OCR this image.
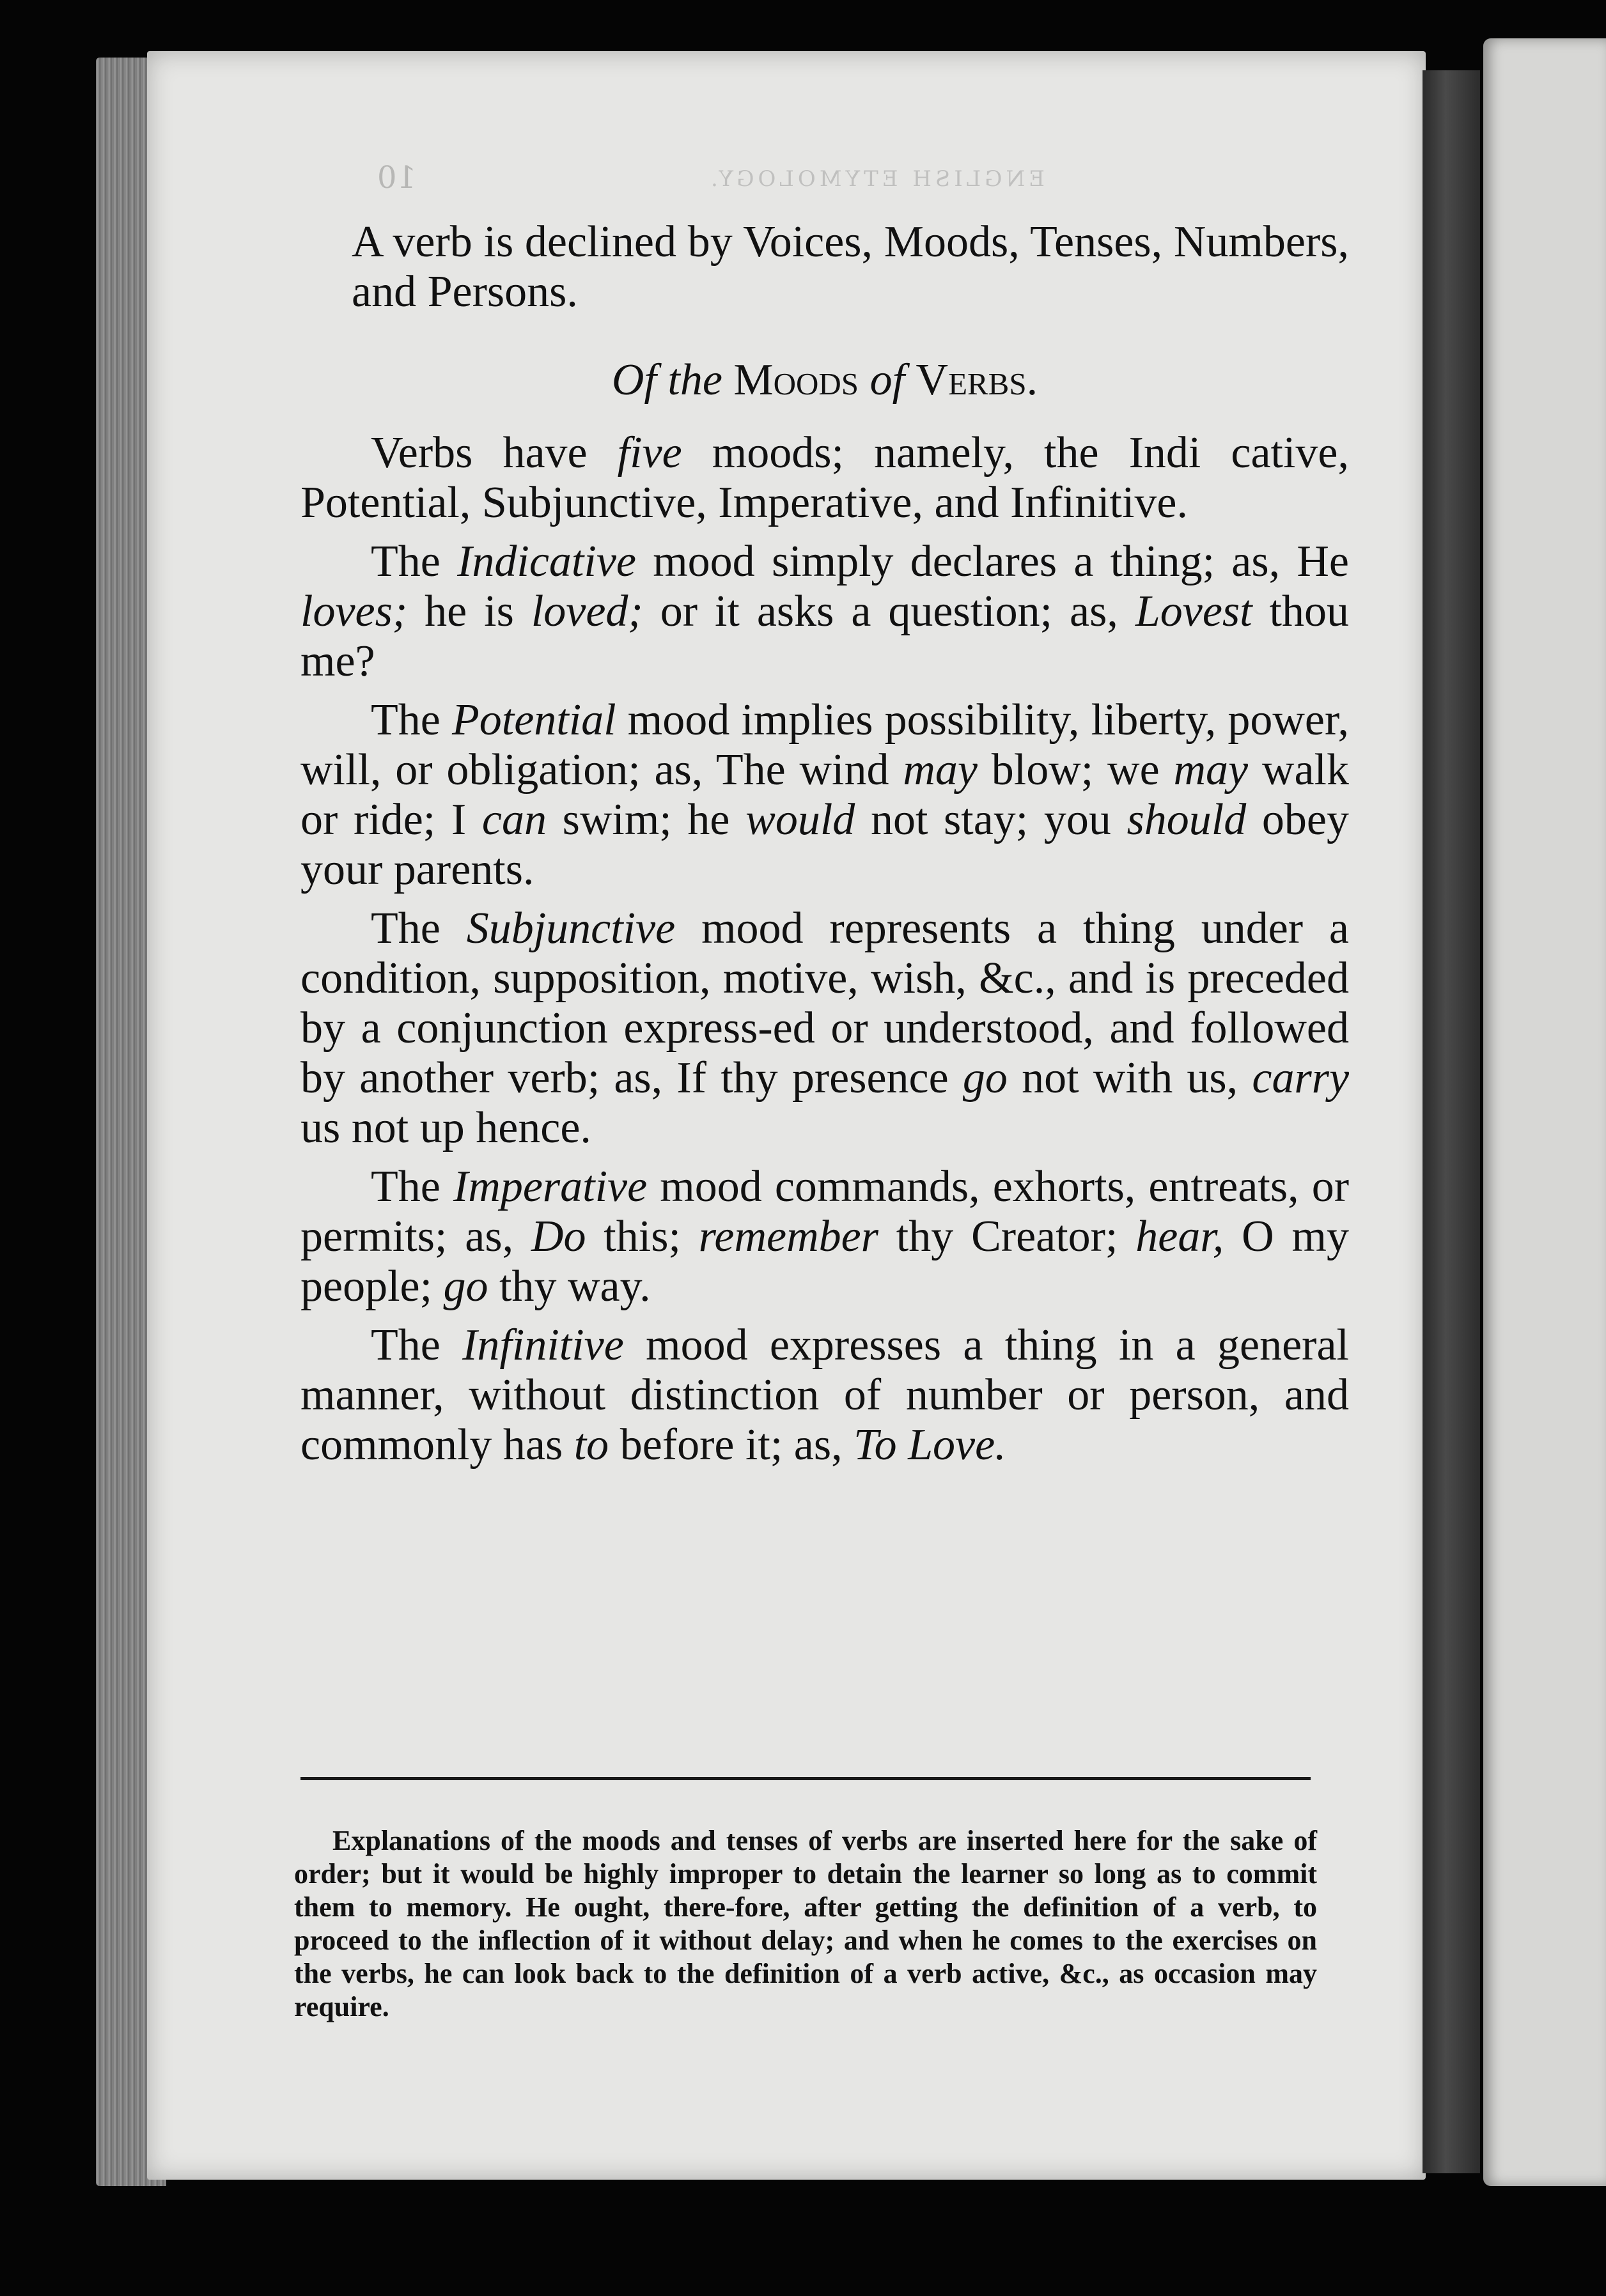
10	ENGLISH ETYMOLOGY.

A verb is declined by Voices, Moods, Tenses, Numbers, and Persons.

Of the Moods of Verbs.

Verbs have five moods; namely, the Indi cative, Potential, Subjunctive, Imperative, and Infinitive.

The Indicative mood simply declares a thing; as, He loves; he is loved; or it asks a question; as, Lovest thou me?

The Potential mood implies possibility, liberty, power, will, or obligation; as, The wind may blow; we may walk or ride; I can swim; he would not stay; you should obey your parents.

The Subjunctive mood represents a thing under a condition, supposition, motive, wish, &c., and is preceded by a conjunction express-ed or understood, and followed by another verb; as, If thy presence go not with us, carry us not up hence.

The Imperative mood commands, exhorts, entreats, or permits; as, Do this; remember thy Creator; hear, O my people; go thy way.

The Infinitive mood expresses a thing in a general manner, without distinction of number or person, and commonly has to before it; as, To Love.

Explanations of the moods and tenses of verbs are inserted here for the sake of order; but it would be highly improper to detain the learner so long as to commit them to memory. He ought, there-fore, after getting the definition of a verb, to proceed to the inflection of it without delay; and when he comes to the exercises on the verbs, he can look back to the definition of a verb active, &c., as occasion may require.
